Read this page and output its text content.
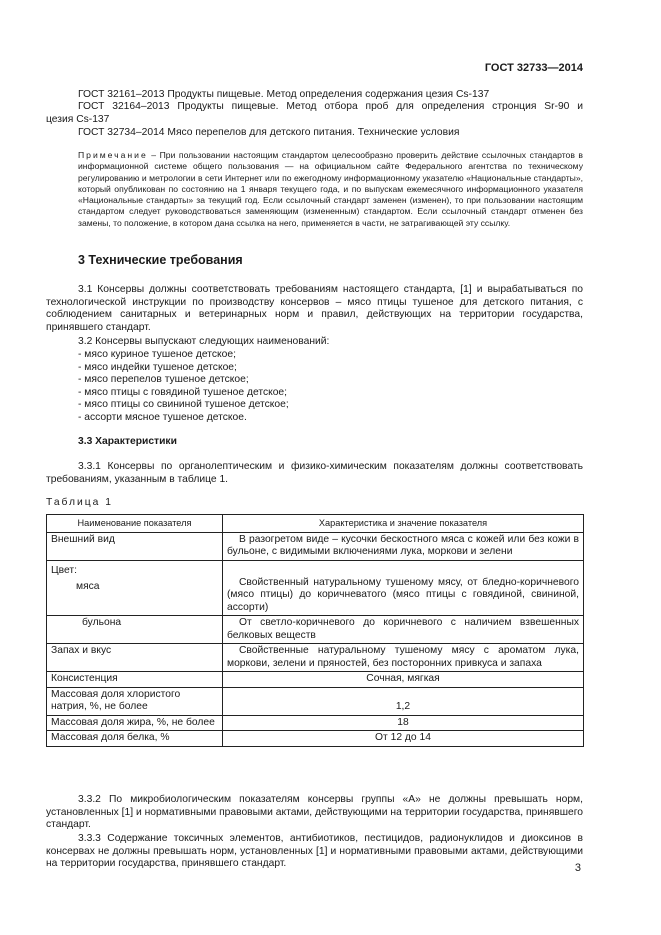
ГОСТ 32733—2014
ГОСТ 32161–2013 Продукты пищевые. Метод определения содержания цезия Cs-137
ГОСТ 32164–2013 Продукты пищевые. Метод отбора проб для определения стронция Sr-90 и
цезия Cs-137
ГОСТ 32734–2014 Мясо перепелов для детского питания. Технические условия
Примечание – При пользовании настоящим стандартом целесообразно проверить действие ссылочных стандартов в информационной системе общего пользования — на официальном сайте Федерального агентства по техническому регулированию и метрологии в сети Интернет или по ежегодному информационному указателю «Национальные стандарты», который опубликован по состоянию на 1 января текущего года, и по выпускам ежемесячного информационного указателя «Национальные стандарты» за текущий год. Если ссылочный стандарт заменен (изменен), то при пользовании настоящим стандартом следует руководствоваться заменяющим (измененным) стандартом. Если ссылочный стандарт отменен без замены, то положение, в котором дана ссылка на него, применяется в части, не затрагивающей эту ссылку.
3 Технические требования
3.1 Консервы должны соответствовать требованиям настоящего стандарта, [1] и вырабатываться по технологической инструкции по производству консервов – мясо птицы тушеное для детского питания, с соблюдением санитарных и ветеринарных норм и правил, действующих на территории государства, принявшего стандарт.
3.2 Консервы выпускают следующих наименований:
- мясо куриное тушеное детское;
- мясо индейки тушеное детское;
- мясо перепелов тушеное детское;
- мясо птицы с говядиной тушеное детское;
- мясо птицы со свининой тушеное детское;
- ассорти мясное тушеное детское.
3.3 Характеристики
3.3.1 Консервы по органолептическим и физико-химическим показателям должны соответствовать требованиям, указанным в таблице 1.
Таблица 1
Наименование показателя	Характеристика и значение показателя
Внешний вид	В разогретом виде – кусочки бескостного мяса с кожей или без кожи в бульоне, с видимыми включениями лука, моркови и зелени

Цвет:
мяса	Свойственный натуральному тушеному мясу, от бледно-коричневого (мясо птицы) до коричневатого (мясо птицы с говядиной, свининой, ассорти)
бульона	От светло-коричневого до коричневого с наличием взвешенных белковых веществ
Запах и вкус	Свойственные натуральному тушеному мясу с ароматом лука, моркови, зелени и пряностей, без посторонних привкуса и запаха
Консистенция	Сочная, мягкая
Массовая доля хлористого натрия, %, не более	1,2
Массовая доля жира, %, не более	18
Массовая доля белка, %	От 12 до 14
3.3.2 По микробиологическим показателям консервы группы «А» не должны превышать норм, установленных [1] и нормативными правовыми актами, действующими на территории государства, принявшего стандарт.
3.3.3 Содержание токсичных элементов, антибиотиков, пестицидов, радионуклидов и диоксинов в консервах не должны превышать норм, установленных [1] и нормативными правовыми актами, действующими на территории государства, принявшего стандарт.	3
